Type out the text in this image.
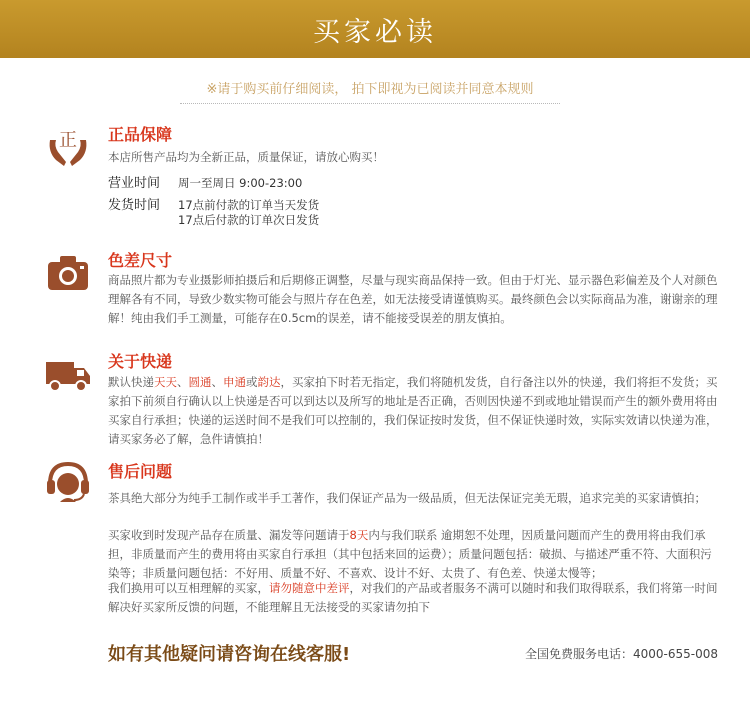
买家必读
※请于购买前仔细阅读， 拍下即视为已阅读并同意本规则
正 正品保障
本店所售产品均为全新正品，质量保证，请放心购买！
营业时间 周一至周日 9:00-23:00
发货时间 17点前付款的订单当天发货
17点后付款的订单次日发货
色差尺寸
商品照片都为专业摄影师拍摄后和后期修正调整，尽量与现实商品保持一致。但由于灯光、显示器色彩偏差及个人对颜色理解各有不同，导致少数实物可能会与照片存在色差，如无法接受请谨慎购买。最终颜色会以实际商品为准，谢谢亲的理解！纯由我们手工测量，可能存在0.5cm的误差，请不能接受误差的朋友慎拍。
关于快递
默认快递天天、圆通、申通或韵达，买家拍下时若无指定，我们将随机发货，自行备注以外的快递，我们将拒不发货；买家拍下前须自行确认以上快递是否可以到达以及所写的地址是否正确，否则因快递不到或地址错误而产生的额外费用将由买家自行承担；快递的运送时间不是我们可以控制的，我们保证按时发货，但不保证快递时效，实际实效请以快递为准，请买家务必了解，急件请慎拍！
售后问题
茶具绝大部分为纯手工制作或半手工著作，我们保证产品为一级品质，但无法保证完美无瑕，追求完美的买家请慎拍；
买家收到时发现产品存在质量、漏发等问题请于8天内与我们联系 逾期恕不处理，因质量问题而产生的费用将由我们承担，非质量而产生的费用将由买家自行承担（其中包括来回的运费）；质量问题包括：破损、与描述严重不符、大面积污染等；非质量问题包括：不好用、质量不好、不喜欢、设计不好、太贵了、有色差、快递太慢等；
我们换用可以互相理解的买家，请勿随意中差评，对我们的产品或者服务不满可以随时和我们取得联系，我们将第一时间解决好买家所反馈的问题，不能理解且无法接受的买家请勿拍下
如有其他疑问请咨询在线客服!	全国免费服务电话：4000-655-008
